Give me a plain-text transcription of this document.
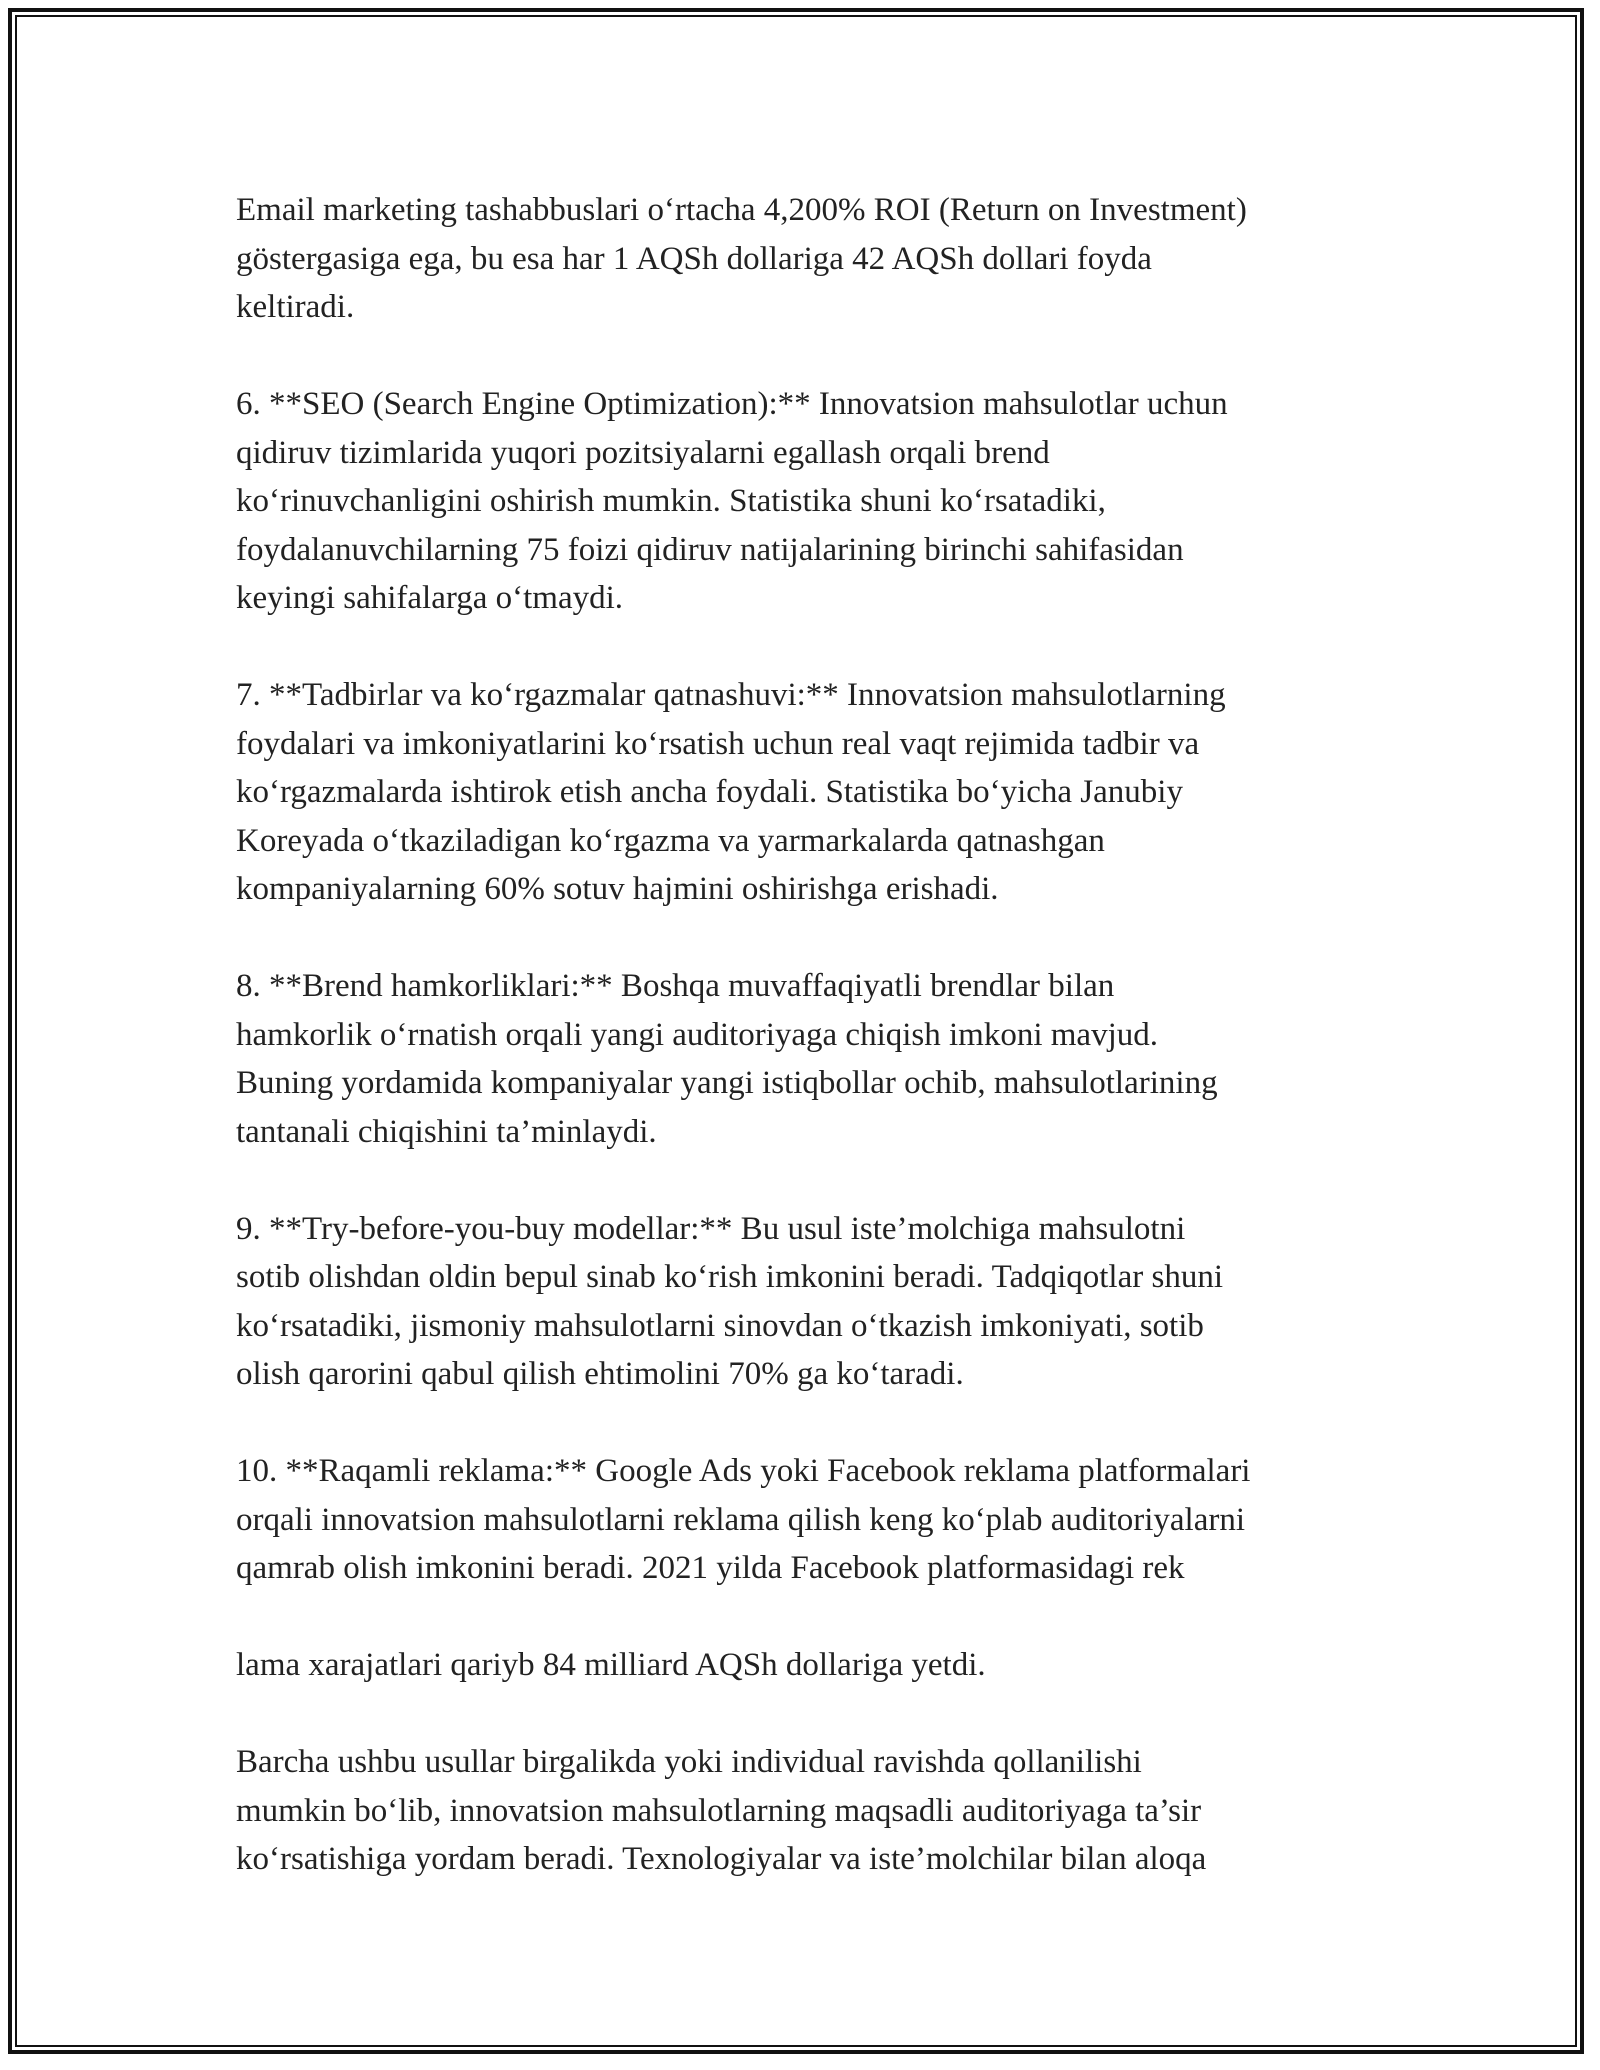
Email marketing tashabbuslari o‘rtacha 4,200% ROI (Return on Investment)
göstergasiga ega, bu esa har 1 AQSh dollariga 42 AQSh dollari foyda
keltiradi.
6. **SEO (Search Engine Optimization):** Innovatsion mahsulotlar uchun
qidiruv tizimlarida yuqori pozitsiyalarni egallash orqali brend
ko‘rinuvchanligini oshirish mumkin. Statistika shuni ko‘rsatadiki,
foydalanuvchilarning 75 foizi qidiruv natijalarining birinchi sahifasidan
keyingi sahifalarga o‘tmaydi.
7. **Tadbirlar va ko‘rgazmalar qatnashuvi:** Innovatsion mahsulotlarning
foydalari va imkoniyatlarini ko‘rsatish uchun real vaqt rejimida tadbir va
ko‘rgazmalarda ishtirok etish ancha foydali. Statistika bo‘yicha Janubiy
Koreyada o‘tkaziladigan ko‘rgazma va yarmarkalarda qatnashgan
kompaniyalarning 60% sotuv hajmini oshirishga erishadi.
8. **Brend hamkorliklari:** Boshqa muvaffaqiyatli brendlar bilan
hamkorlik o‘rnatish orqali yangi auditoriyaga chiqish imkoni mavjud.
Buning yordamida kompaniyalar yangi istiqbollar ochib, mahsulotlarining
tantanali chiqishini ta’minlaydi.
9. **Try-before-you-buy modellar:** Bu usul iste’molchiga mahsulotni
sotib olishdan oldin bepul sinab ko‘rish imkonini beradi. Tadqiqotlar shuni
ko‘rsatadiki, jismoniy mahsulotlarni sinovdan o‘tkazish imkoniyati, sotib
olish qarorini qabul qilish ehtimolini 70% ga ko‘taradi.
10. **Raqamli reklama:** Google Ads yoki Facebook reklama platformalari
orqali innovatsion mahsulotlarni reklama qilish keng ko‘plab auditoriyalarni
qamrab olish imkonini beradi. 2021 yilda Facebook platformasidagi rek
lama xarajatlari qariyb 84 milliard AQSh dollariga yetdi.
Barcha ushbu usullar birgalikda yoki individual ravishda qollanilishi
mumkin bo‘lib, innovatsion mahsulotlarning maqsadli auditoriyaga ta’sir
ko‘rsatishiga yordam beradi. Texnologiyalar va iste’molchilar bilan aloqa
